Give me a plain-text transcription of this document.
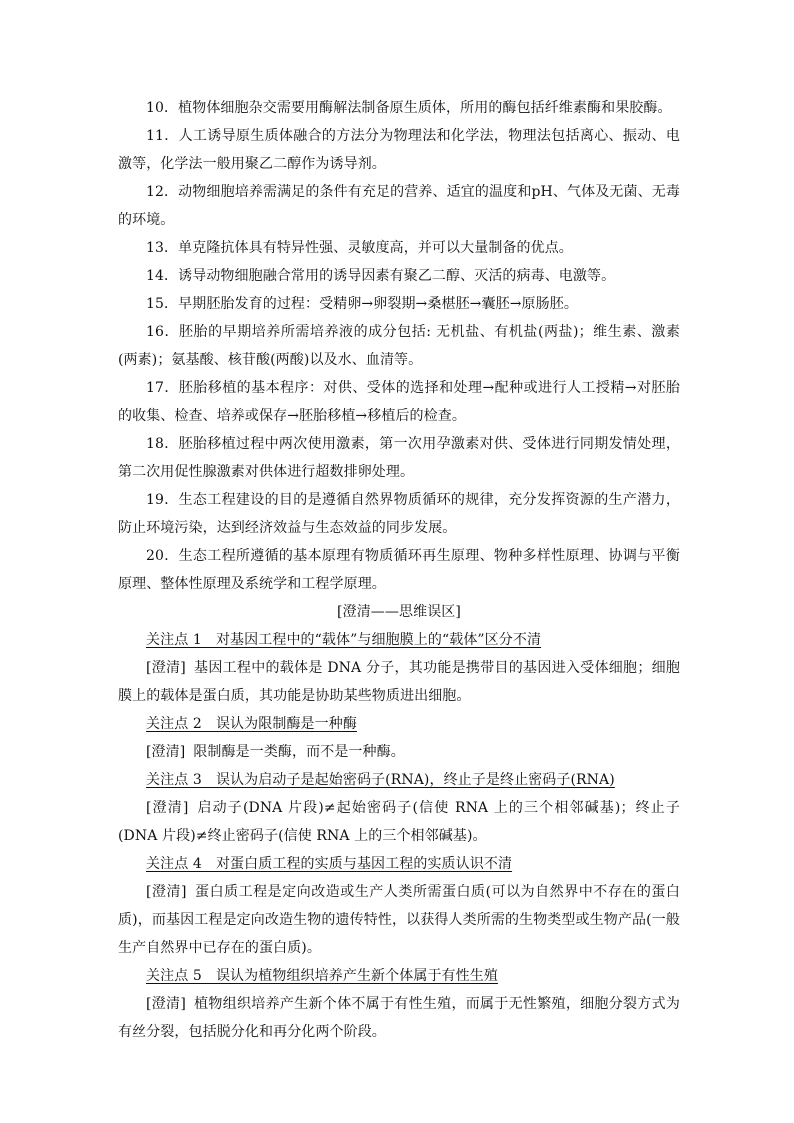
10．植物体细胞杂交需要用酶解法制备原生质体，所用的酶包括纤维素酶和果胶酶。

11．人工诱导原生质体融合的方法分为物理法和化学法，物理法包括离心、振动、电激等，化学法一般用聚乙二醇作为诱导剂。

12．动物细胞培养需满足的条件有充足的营养、适宜的温度和pH、气体及无菌、无毒的环境。

13．单克隆抗体具有特异性强、灵敏度高，并可以大量制备的优点。

14．诱导动物细胞融合常用的诱导因素有聚乙二醇、灭活的病毒、电激等。

15．早期胚胎发育的过程：受精卵→卵裂期→桑椹胚→囊胚→原肠胚。

16．胚胎的早期培养所需培养液的成分包括: 无机盐、有机盐(两盐)；维生素、激素(两素)；氨基酸、核苷酸(两酸)以及水、血清等。

17．胚胎移植的基本程序：对供、受体的选择和处理→配种或进行人工授精→对胚胎的收集、检查、培养或保存→胚胎移植→移植后的检查。

18．胚胎移植过程中两次使用激素，第一次用孕激素对供、受体进行同期发情处理，第二次用促性腺激素对供体进行超数排卵处理。

19．生态工程建设的目的是遵循自然界物质循环的规律，充分发挥资源的生产潜力，防止环境污染，达到经济效益与生态效益的同步发展。

20．生态工程所遵循的基本原理有物质循环再生原理、物种多样性原理、协调与平衡原理、整体性原理及系统学和工程学原理。

[澄清——思维误区]

关注点 1　对基因工程中的“载体”与细胞膜上的“载体”区分不清

[澄清] 基因工程中的载体是 DNA 分子，其功能是携带目的基因进入受体细胞；细胞膜上的载体是蛋白质，其功能是协助某些物质进出细胞。

关注点 2　误认为限制酶是一种酶

[澄清] 限制酶是一类酶，而不是一种酶。

关注点 3　误认为启动子是起始密码子(RNA)，终止子是终止密码子(RNA)

[澄清] 启动子(DNA 片段)≠起始密码子(信使 RNA 上的三个相邻碱基)；终止子(DNA 片段)≠终止密码子(信使 RNA 上的三个相邻碱基)。

关注点 4　对蛋白质工程的实质与基因工程的实质认识不清

[澄清] 蛋白质工程是定向改造或生产人类所需蛋白质(可以为自然界中不存在的蛋白质)，而基因工程是定向改造生物的遗传特性，以获得人类所需的生物类型或生物产品(一般生产自然界中已存在的蛋白质)。

关注点 5　误认为植物组织培养产生新个体属于有性生殖

[澄清] 植物组织培养产生新个体不属于有性生殖，而属于无性繁殖，细胞分裂方式为有丝分裂，包括脱分化和再分化两个阶段。
